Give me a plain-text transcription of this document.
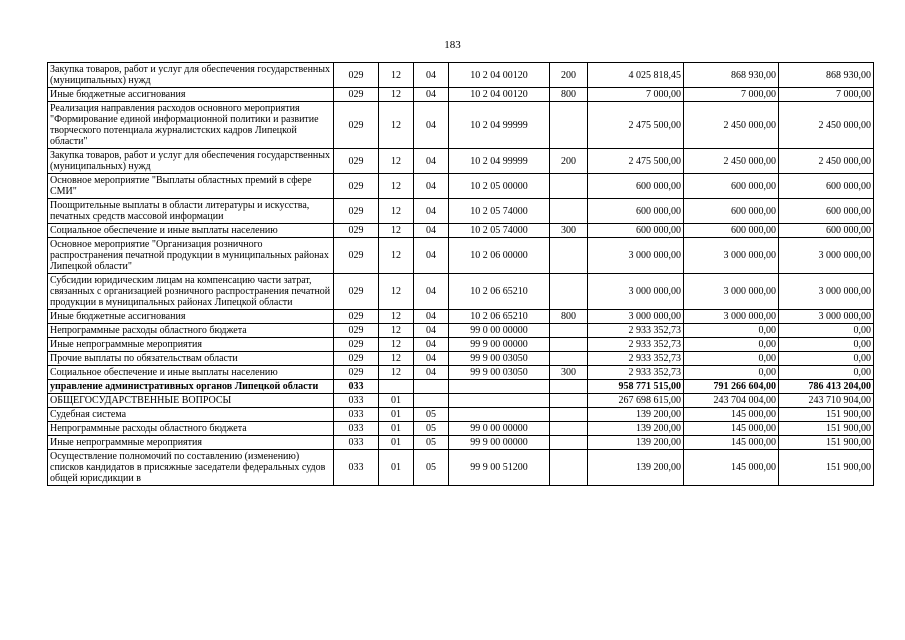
183
Закупка товаров, работ и услуг для обеспечения государственных (муниципальных) нужд	029	12	04	10 2 04 00120	200	4 025 818,45	868 930,00	868 930,00
Иные бюджетные ассигнования	029	12	04	10 2 04 00120	800	7 000,00	7 000,00	7 000,00
Реализация направления расходов основного мероприятия "Формирование единой информационной политики и развитие творческого потенциала журналистских кадров Липецкой области"	029	12	04	10 2 04 99999		2 475 500,00	2 450 000,00	2 450 000,00
Закупка товаров, работ и услуг для обеспечения государственных (муниципальных) нужд	029	12	04	10 2 04 99999	200	2 475 500,00	2 450 000,00	2 450 000,00
Основное мероприятие "Выплаты областных премий в сфере СМИ"	029	12	04	10 2 05 00000		600 000,00	600 000,00	600 000,00
Поощрительные выплаты в области литературы и искусства, печатных средств массовой информации	029	12	04	10 2 05 74000		600 000,00	600 000,00	600 000,00
Социальное обеспечение и иные выплаты населению	029	12	04	10 2 05 74000	300	600 000,00	600 000,00	600 000,00
Основное мероприятие "Организация розничного распространения печатной продукции в муниципальных районах Липецкой области"	029	12	04	10 2 06 00000		3 000 000,00	3 000 000,00	3 000 000,00
Субсидии юридическим лицам на компенсацию части затрат, связанных с организацией розничного распространения печатной продукции в муниципальных районах Липецкой области	029	12	04	10 2 06 65210		3 000 000,00	3 000 000,00	3 000 000,00
Иные бюджетные ассигнования	029	12	04	10 2 06 65210	800	3 000 000,00	3 000 000,00	3 000 000,00
Непрограммные расходы областного бюджета	029	12	04	99 0 00 00000		2 933 352,73	0,00	0,00
Иные непрограммные мероприятия	029	12	04	99 9 00 00000		2 933 352,73	0,00	0,00
Прочие выплаты по обязательствам области	029	12	04	99 9 00 03050		2 933 352,73	0,00	0,00
Социальное обеспечение и иные выплаты населению	029	12	04	99 9 00 03050	300	2 933 352,73	0,00	0,00
управление административных органов Липецкой области	033					958 771 515,00	791 266 604,00	786 413 204,00
ОБЩЕГОСУДАРСТВЕННЫЕ ВОПРОСЫ	033	01				267 698 615,00	243 704 004,00	243 710 904,00
Судебная система	033	01	05			139 200,00	145 000,00	151 900,00
Непрограммные расходы областного бюджета	033	01	05	99 0 00 00000		139 200,00	145 000,00	151 900,00
Иные непрограммные мероприятия	033	01	05	99 9 00 00000		139 200,00	145 000,00	151 900,00
Осуществление полномочий по составлению (изменению) списков кандидатов в присяжные заседатели федеральных судов общей юрисдикции в	033	01	05	99 9 00 51200		139 200,00	145 000,00	151 900,00
